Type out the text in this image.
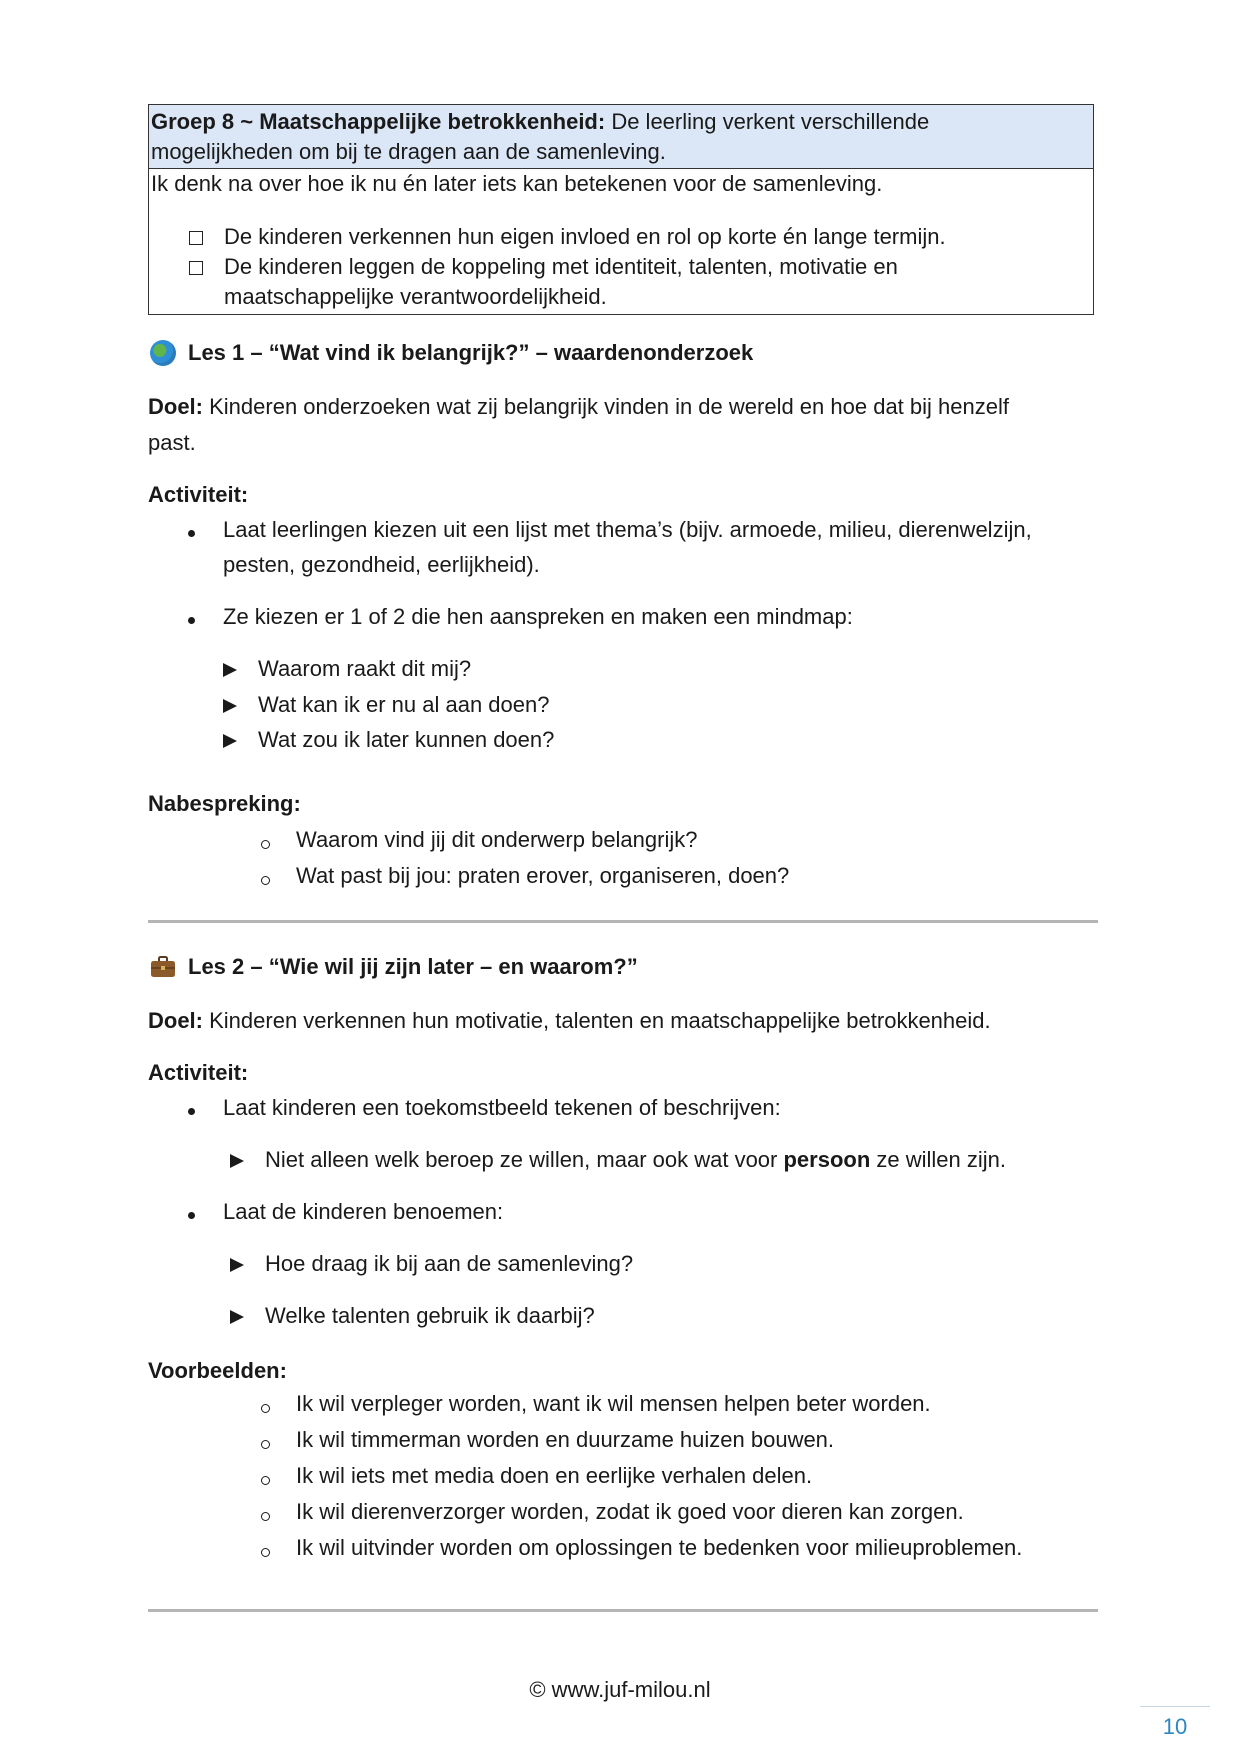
Groep 8 ~ Maatschappelijke betrokkenheid: De leerling verkent verschillende
mogelijkheden om bij te dragen aan de samenleving.
Ik denk na over hoe ik nu én later iets kan betekenen voor de samenleving.
De kinderen verkennen hun eigen invloed en rol op korte én lange termijn.
De kinderen leggen de koppeling met identiteit, talenten, motivatie en
maatschappelijke verantwoordelijkheid.
Les 1 – “Wat vind ik belangrijk?” – waardenonderzoek
Doel: Kinderen onderzoeken wat zij belangrijk vinden in de wereld en hoe dat bij henzelf
past.
Activiteit:
Laat leerlingen kiezen uit een lijst met thema’s (bijv. armoede, milieu, dierenwelzijn,
pesten, gezondheid, eerlijkheid).
Ze kiezen er 1 of 2 die hen aanspreken en maken een mindmap:
Waarom raakt dit mij?
Wat kan ik er nu al aan doen?
Wat zou ik later kunnen doen?
Nabespreking:
Waarom vind jij dit onderwerp belangrijk?
Wat past bij jou: praten erover, organiseren, doen?
Les 2 – “Wie wil jij zijn later – en waarom?”
Doel: Kinderen verkennen hun motivatie, talenten en maatschappelijke betrokkenheid.
Activiteit:
Laat kinderen een toekomstbeeld tekenen of beschrijven:
Niet alleen welk beroep ze willen, maar ook wat voor persoon ze willen zijn.
Laat de kinderen benoemen:
Hoe draag ik bij aan de samenleving?
Welke talenten gebruik ik daarbij?
Voorbeelden:
Ik wil verpleger worden, want ik wil mensen helpen beter worden.
Ik wil timmerman worden en duurzame huizen bouwen.
Ik wil iets met media doen en eerlijke verhalen delen.
Ik wil dierenverzorger worden, zodat ik goed voor dieren kan zorgen.
Ik wil uitvinder worden om oplossingen te bedenken voor milieuproblemen.
© www.juf-milou.nl
10
